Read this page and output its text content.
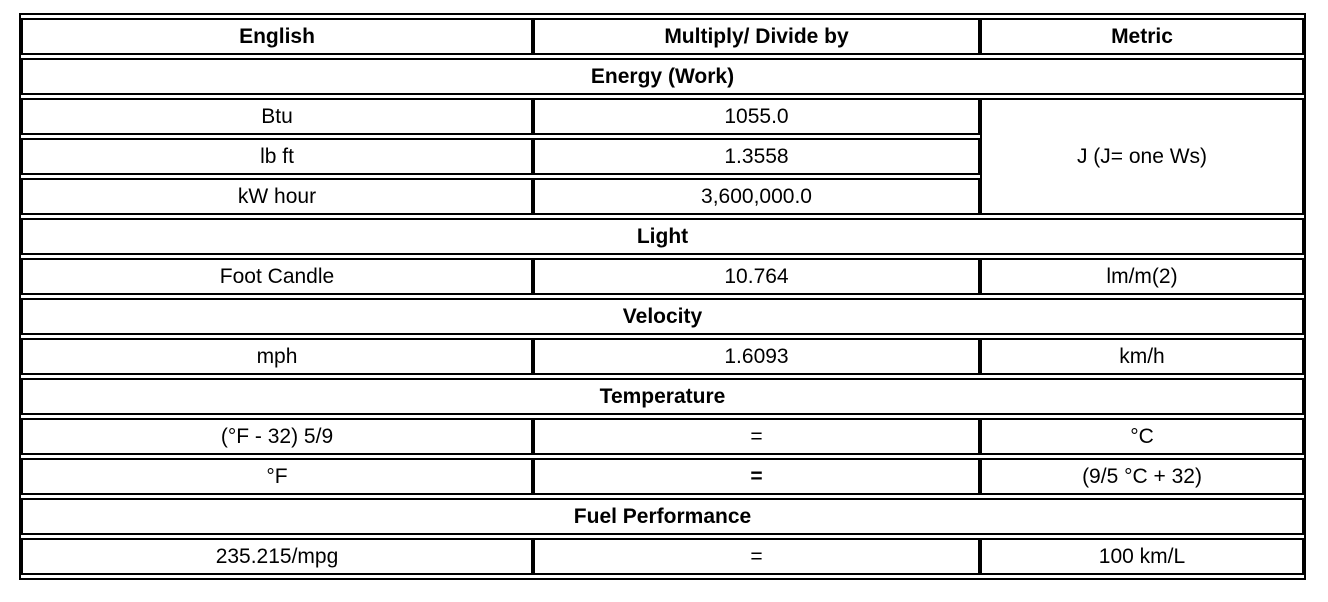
English	Multiply/ Divide by	Metric
Energy (Work)		
Btu	1055.0	J (J= one Ws)
lb ft	1.3558	
kW hour	3,600,000.0	
Light		
Foot Candle	10.764	lm/m(2)
Velocity		
mph	1.6093	km/h
Temperature		
(°F - 32) 5/9	=	°C
°F	=	(9/5 °C + 32)
Fuel Performance		
235.215/mpg	=	100 km/L
